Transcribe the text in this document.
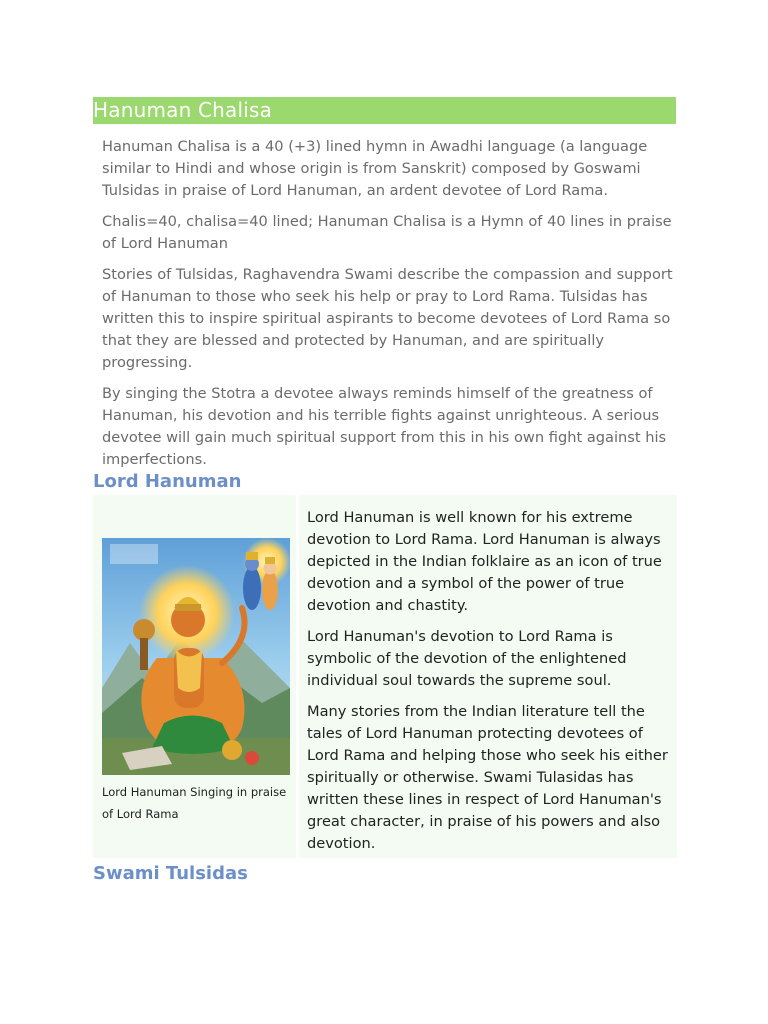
Hanuman Chalisa

Hanuman Chalisa is a 40 (+3) lined hymn in Awadhi language (a language similar to Hindi and whose origin is from Sanskrit) composed by Goswami Tulsidas in praise of Lord Hanuman, an ardent devotee of Lord Rama.

Chalis=40, chalisa=40 lined; Hanuman Chalisa is a Hymn of 40 lines in praise of Lord Hanuman

Stories of Tulsidas, Raghavendra Swami describe the compassion and support of Hanuman to those who seek his help or pray to Lord Rama. Tulsidas has written this to inspire spiritual aspirants to become devotees of Lord Rama so that they are blessed and protected by Hanuman, and are spiritually progressing.

By singing the Stotra a devotee always reminds himself of the greatness of Hanuman, his devotion and his terrible fights against unrighteous. A serious devotee will gain much spiritual support from this in his own fight against his imperfections.

Lord Hanuman
Lord Hanuman Singing in praise of Lord Rama

Lord Hanuman is well known for his extreme devotion to Lord Rama. Lord Hanuman is always depicted in the Indian folklaire as an icon of true devotion and a symbol of the power of true devotion and chastity.

Lord Hanuman's devotion to Lord Rama is symbolic of the devotion of the enlightened individual soul towards the supreme soul.

Many stories from the Indian literature tell the tales of Lord Hanuman protecting devotees of Lord Rama and helping those who seek his either spiritually or otherwise. Swami Tulasidas has written these lines in respect of Lord Hanuman's great character, in praise of his powers and also devotion.

Swami Tulsidas
